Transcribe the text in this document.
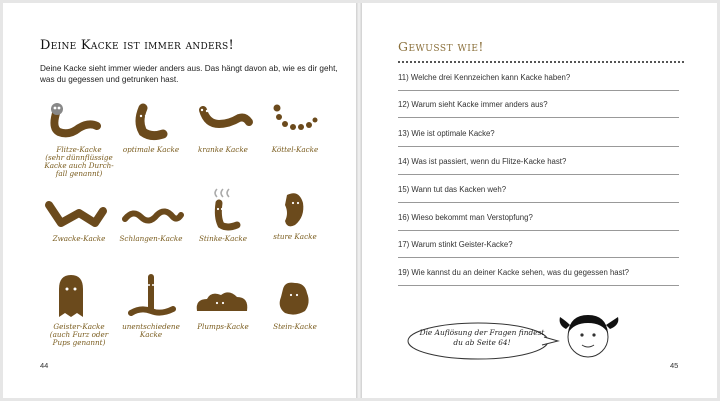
Deine Kacke ist immer anders!
Deine Kacke sieht immer wieder anders aus. Das hängt davon ab, wie es dir geht, was du gegessen und getrunken hast.
Flitze-Kacke
(sehr dünnflüssige
Kacke auch Durch-
fall genannt)
optimale Kacke	kranke Kacke	Köttel-Kacke
Zwacke-Kacke	Schlangen-Kacke	Stinke-Kacke	sture Kacke
Geister-Kacke
(auch Furz oder
Pups genannt)
unentschiedene
Kacke
Plumps-Kacke	Stein-Kacke
44
Gewusst wie!
11) Welche drei Kennzeichen kann Kacke haben?
12) Warum sieht Kacke immer anders aus?
13) Wie ist optimale Kacke?
14) Was ist passiert, wenn du Flitze-Kacke hast?
15) Wann tut das Kacken weh?
16) Wieso bekommt man Verstopfung?
17) Warum stinkt Geister-Kacke?
19) Wie kannst du an deiner Kacke sehen, was du gegessen hast?
Die Auflösung der Fragen findest du ab Seite 64!
45
